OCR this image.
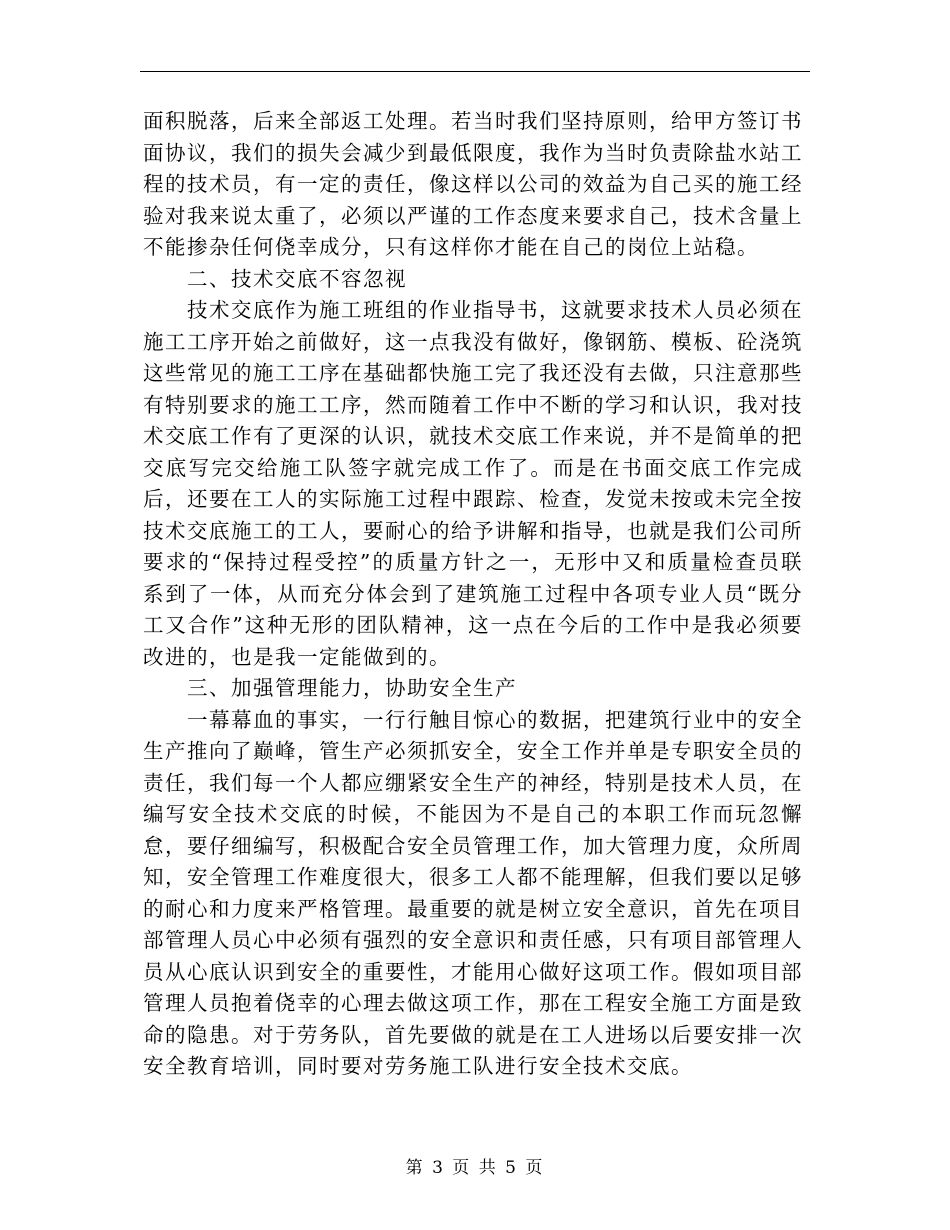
面积脱落，后来全部返工处理。若当时我们坚持原则，给甲方签订书面协议，我们的损失会减少到最低限度，我作为当时负责除盐水站工程的技术员，有一定的责任，像这样以公司的效益为自己买的施工经验对我来说太重了，必须以严谨的工作态度来要求自己，技术含量上不能掺杂任何侥幸成分，只有这样你才能在自己的岗位上站稳。

二、技术交底不容忽视

技术交底作为施工班组的作业指导书，这就要求技术人员必须在施工工序开始之前做好，这一点我没有做好，像钢筋、模板、砼浇筑这些常见的施工工序在基础都快施工完了我还没有去做，只注意那些有特别要求的施工工序，然而随着工作中不断的学习和认识，我对技术交底工作有了更深的认识，就技术交底工作来说，并不是简单的把交底写完交给施工队签字就完成工作了。而是在书面交底工作完成后，还要在工人的实际施工过程中跟踪、检查，发觉未按或未完全按技术交底施工的工人，要耐心的给予讲解和指导，也就是我们公司所要求的“保持过程受控”的质量方针之一，无形中又和质量检查员联系到了一体，从而充分体会到了建筑施工过程中各项专业人员“既分工又合作”这种无形的团队精神，这一点在今后的工作中是我必须要改进的，也是我一定能做到的。

三、加强管理能力，协助安全生产

一幕幕血的事实，一行行触目惊心的数据，把建筑行业中的安全生产推向了巅峰，管生产必须抓安全，安全工作并单是专职安全员的责任，我们每一个人都应绷紧安全生产的神经，特别是技术人员，在编写安全技术交底的时候，不能因为不是自己的本职工作而玩忽懈怠，要仔细编写，积极配合安全员管理工作，加大管理力度，众所周知，安全管理工作难度很大，很多工人都不能理解，但我们要以足够的耐心和力度来严格管理。最重要的就是树立安全意识，首先在项目部管理人员心中必须有强烈的安全意识和责任感，只有项目部管理人员从心底认识到安全的重要性，才能用心做好这项工作。假如项目部管理人员抱着侥幸的心理去做这项工作，那在工程安全施工方面是致命的隐患。对于劳务队，首先要做的就是在工人进场以后要安排一次安全教育培训，同时要对劳务施工队进行安全技术交底。

第 3 页 共 5 页
